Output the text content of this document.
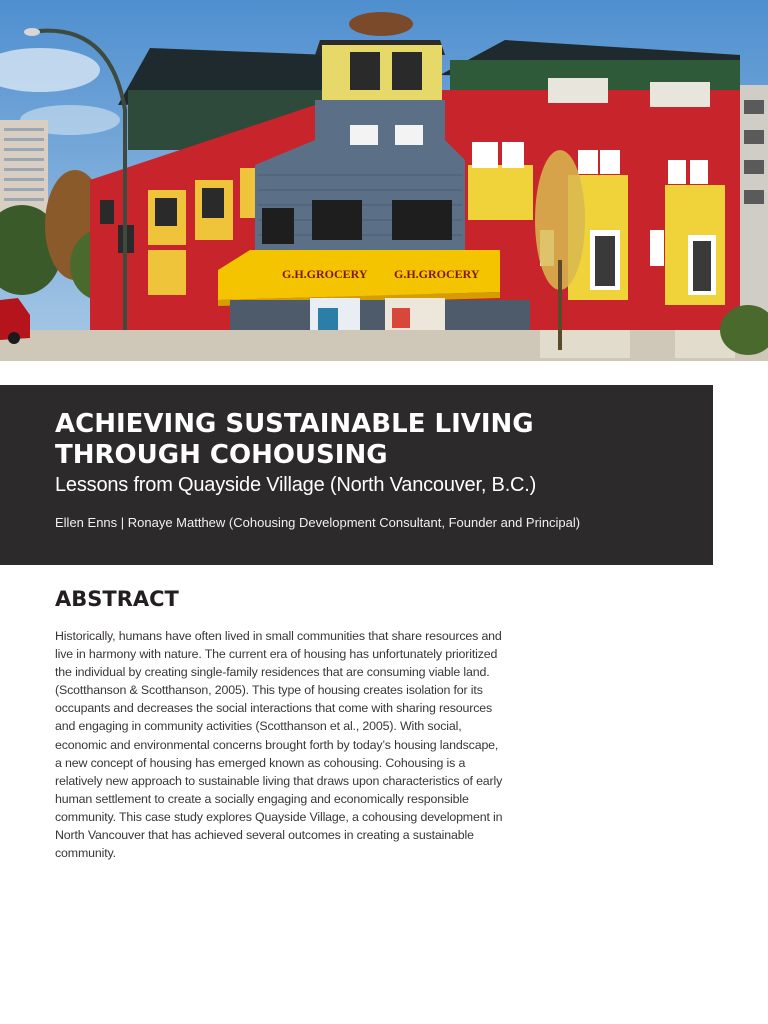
G.H.GROCERY G.H.GROCERY
ACHIEVING SUSTAINABLE LIVING
THROUGH COHOUSING

Lessons from Quayside Village (North Vancouver, B.C.)

Ellen Enns | Ronaye Matthew (Cohousing Development Consultant, Founder and Principal)

ABSTRACT

Historically, humans have often lived in small communities that share resources and live in harmony with nature. The current era of housing has unfortunately prioritized the individual by creating single-family residences that are consuming viable land. (Scotthanson & Scotthanson, 2005). This type of housing creates isolation for its occupants and decreases the social interactions that come with sharing resources and engaging in community activities (Scotthanson et al., 2005). With social, economic and environmental concerns brought forth by today’s housing landscape, a new concept of housing has emerged known as cohousing. Cohousing is a relatively new approach to sustainable living that draws upon characteristics of early human settlement to create a socially engaging and economically responsible community. This case study explores Quayside Village, a cohousing development in North Vancouver that has achieved several outcomes in creating a sustainable community.
